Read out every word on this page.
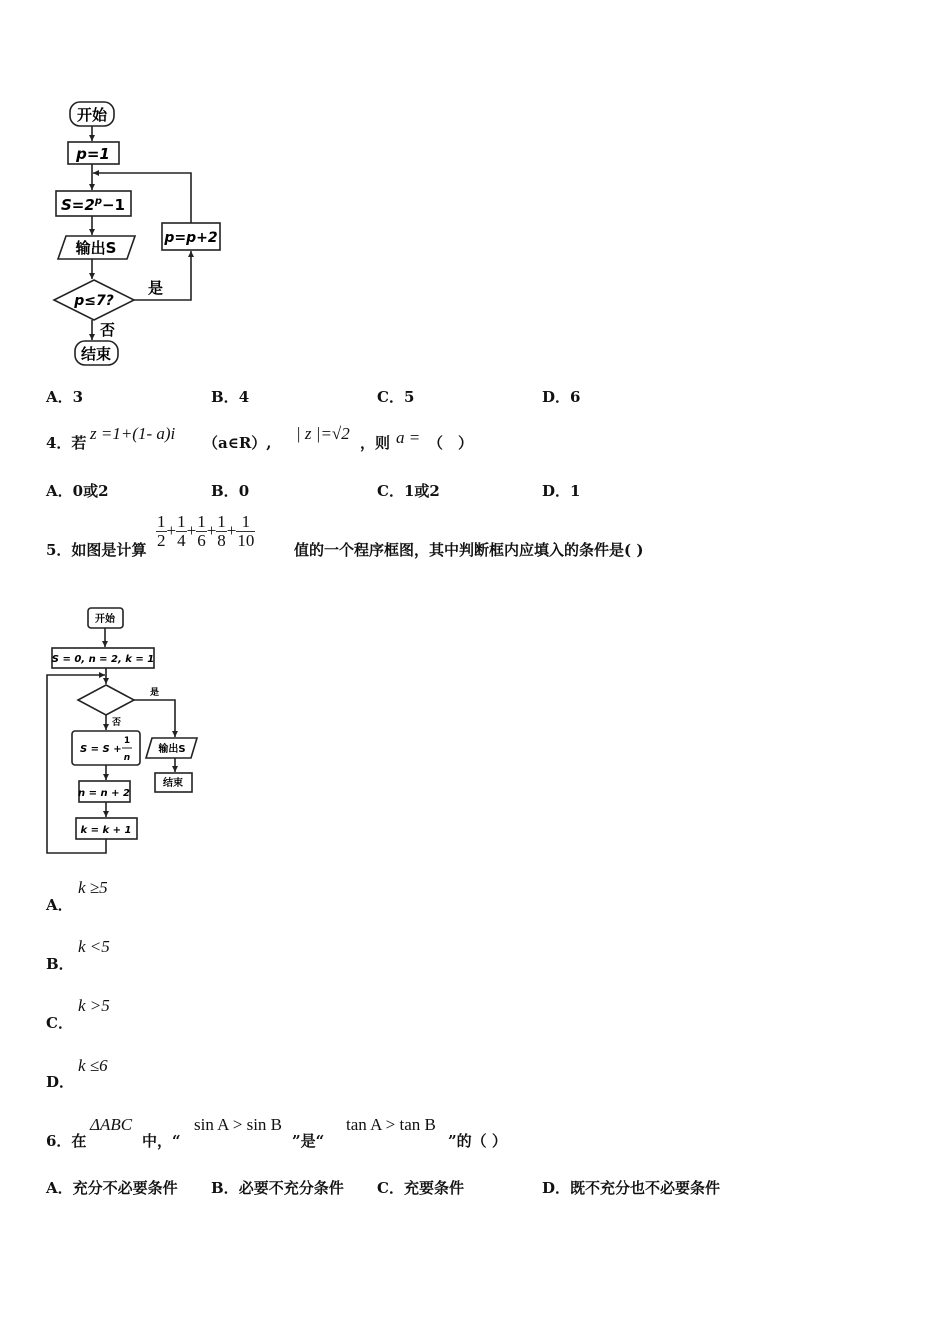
开始
p=1
$S=2^p-1$
输出S
p≤7?
p=p+2
是
否
结束
A．3	B．4	C．5	D．6
4．若 z =1+(1- a)i （a∈R）, | z |=√2 ，则 a = （　）
A．0或2	B．0	C．1或2	D．1
5．如图是计算 $\frac{1}{2} + \frac{1}{4} + \frac{1}{6} + \frac{1}{8} + \frac{1}{10}$	值的一个程序框图，其中判断框内应填入的条件是( )
开始
S = 0, n = 2, k = 1
是
否
S = S +
1
n
n = n + 2
k = k + 1
输出S
结束
A．
k ≥5
B．
k <5
C．
k >5
D．
k ≤6
6．在
ΔABC
中，“
sin A > sin B
”是“
tan A > tan B
”的（ ）
A．充分不必要条件 B．必要不充分条件 C．充要条件	D．既不充分也不必要条件
